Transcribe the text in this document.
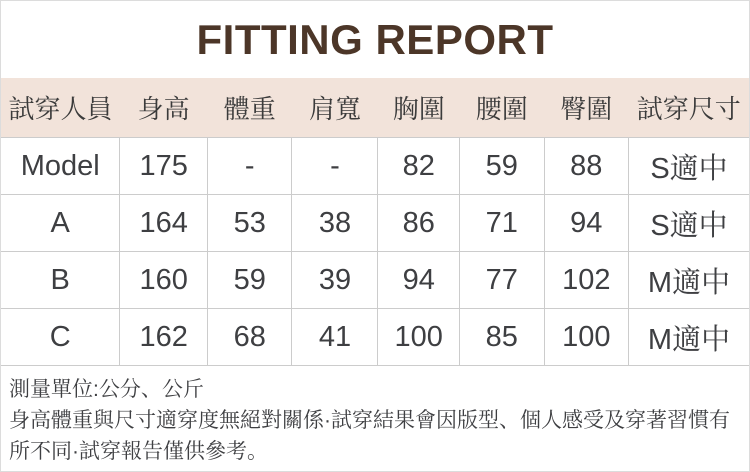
FITTING REPORT
試穿人員	身高	體重	肩寬	胸圍	腰圍	臀圍	試穿尺寸
Model	175	-	-	82	59	88	S適中
A	164	53	38	86	71	94	S適中
B	160	59	39	94	77	102	M適中
C	162	68	41	100	85	100	M適中

測量單位:公分、公斤

身高體重與尺寸適穿度無絕對關係·試穿結果會因版型、個人感受及穿著習慣有所不同·試穿報告僅供參考。
